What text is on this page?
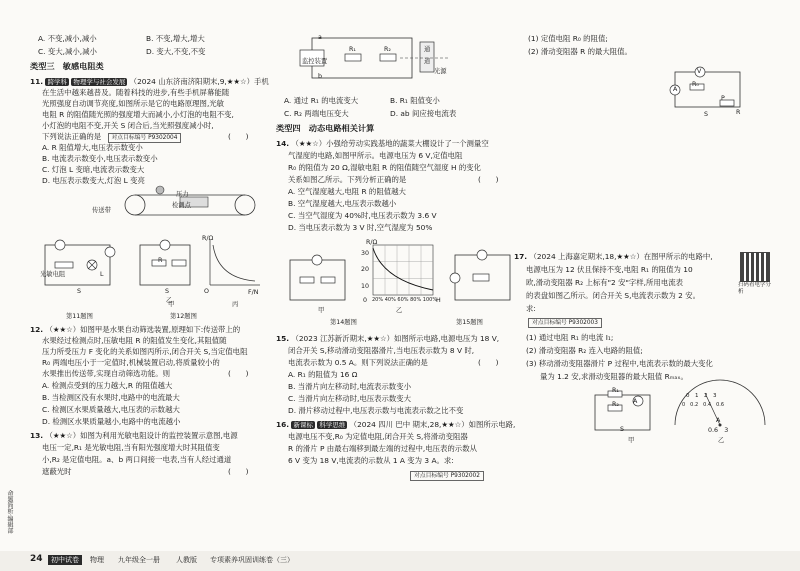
A. 不变,减小,减小	B. 不变,增大,增大
C. 变大,减小,减小	D. 变大,不变,不变
类型三　敏感电阻类
11. 跨学科 物理学与社会发展 （2024 山东济南济阳期末,9,★★☆）手机
在生活中越来越普及。随着科技的进步,有些手机屏幕能随
光照强度自动调节亮度,如图所示是它的电路原理图,光敏
电阻 R 的阻值随光照的强度增大而减小,小灯泡的电阻不变,
小灯泡的电阻不变,开关 S 闭合后,当光照强度减小时,
下列说法正确的是 对点目标编号 P9302004	(　　)
A. R 阻值增大,电压表示数变小
B. 电流表示数变小,电压表示数变小
C. 灯泡 L 变暗,电流表示数变大
D. 电压表示数变大,灯泡 L 变亮
传送带
压力
检测点
光敏电阻
S
L
R
S
R/Ω
F/N
O
甲
乙
丙
第11题图	第12题图
12. （★★☆）如图甲是水果自动筛选装置,原理如下:传送带上的
水果经过检测点时,压敏电阻 R 的阻值发生变化,其阻值随
压力所受压力 F 变化的关系如图丙所示,闭合开关 S,当定值电阻
R₀ 两端电压小于一定值时,机械装置启动,将质量较小的
水果推出传送带,实现自动筛选功能。则	(　　)
A. 检测点受到的压力越大,R 的阻值越大
B. 当检测区没有水果时,电路中的电流最大
C. 检测区水果质量越大,电压表的示数越大
D. 检测区水果质量越小,电路中的电流越小
13. （★★☆）如图为利用光敏电阻设计的监控装置示意图,电源
电压一定,R₁ 是光敏电阻,当有阳光强度增大时其阻值变
小,R₂ 是定值电阻。a、b 两口间接一电表,当有人经过通道
遮蔽光时	(　　)
监控装置
a
b
R₁	R₂	通
道
光源
A. 通过 R₁ 的电流变大	B. R₁ 阻值变小
C. R₂ 两端电压变大	D. ab 间应接电流表
类型四　动态电路相关计算
14. （★★☆）小强给劳动实践基地的蔬菜大棚设计了一个测量空
气湿度的电路,如图甲所示。电源电压为 6 V,定值电阻
R₀ 的阻值为 20 Ω,湿敏电阻 R 的阻值随空气湿度 H 的变化
关系如图乙所示。下列分析正确的是	(　　)
A. 空气湿度越大,电阻 R 的阻值越大
B. 空气湿度越大,电压表示数越小
C. 当空气湿度为 40%时,电压表示数为 3.6 V
D. 当电压表示数为 3 V 时,空气湿度为 50%
R/Ω
30
20
10
0 20% 40% 60% 80% 100%
H
甲	乙
第14题图	第15题图
15. （2023 江苏新沂期末,★★☆）如图所示电路,电源电压为 18 V,
闭合开关 S,移动滑动变阻器滑片,当电压表示数为 8 V 时,
电流表示数为 0.5 A。则下列说法正确的是	(　　)
A. R₁ 的阻值为 16 Ω
B. 当滑片向左移动时,电流表示数变小
C. 当滑片向左移动时,电压表示数变大
D. 滑片移动过程中,电压表示数与电流表示数之比不变
16. 新课标 科学思维 （2024 四川 巴中 期末,28,★★☆）如图所示电路,
电源电压不变,R₀ 为定值电阻,闭合开关 S,将滑动变阻器
R 的滑片 P 由最右端移到最左端的过程中,电压表的示数从
6 V 变为 18 V,电流表的示数从 1 A 变为 3 A。求:
对点目标编号 P9302002
(1) 定值电阻 R₀ 的阻值;
(2) 滑动变阻器 R 的最大阻值。
V
A
R₀
S
P
R
17. （2024 上海嘉定期末,18,★★☆）在图甲所示的电路中,
电源电压为 12 伏且保持不变,电阻 R₁ 的阻值为 10
欧,滑动变阻器 R₂ 上标有"2 安"字样,所用电流表
的表盘如图乙所示。闭合开关 S,电流表示数为 2 安。
求:
对点目标编号 P9302003
(1) 通过电阻 R₁ 的电流 I₁;
(2) 滑动变阻器 R₂ 连入电路的阻值;
(3) 移动滑动变阻器滑片 P 过程中,电流表示数的最大变化
量为 1.2 安,求滑动变阻器的最大阻值 Rₘₐₓ。
扫码看电学分析
R₁
R₂ A
S
甲
0　1　2　3
0　0.2　0.4　0.6
A
0.6　3
乙
命题简析·编辑部
24	初中试卷	物理 九年级全一册 人教版 专项素养巩固训练卷（三）
